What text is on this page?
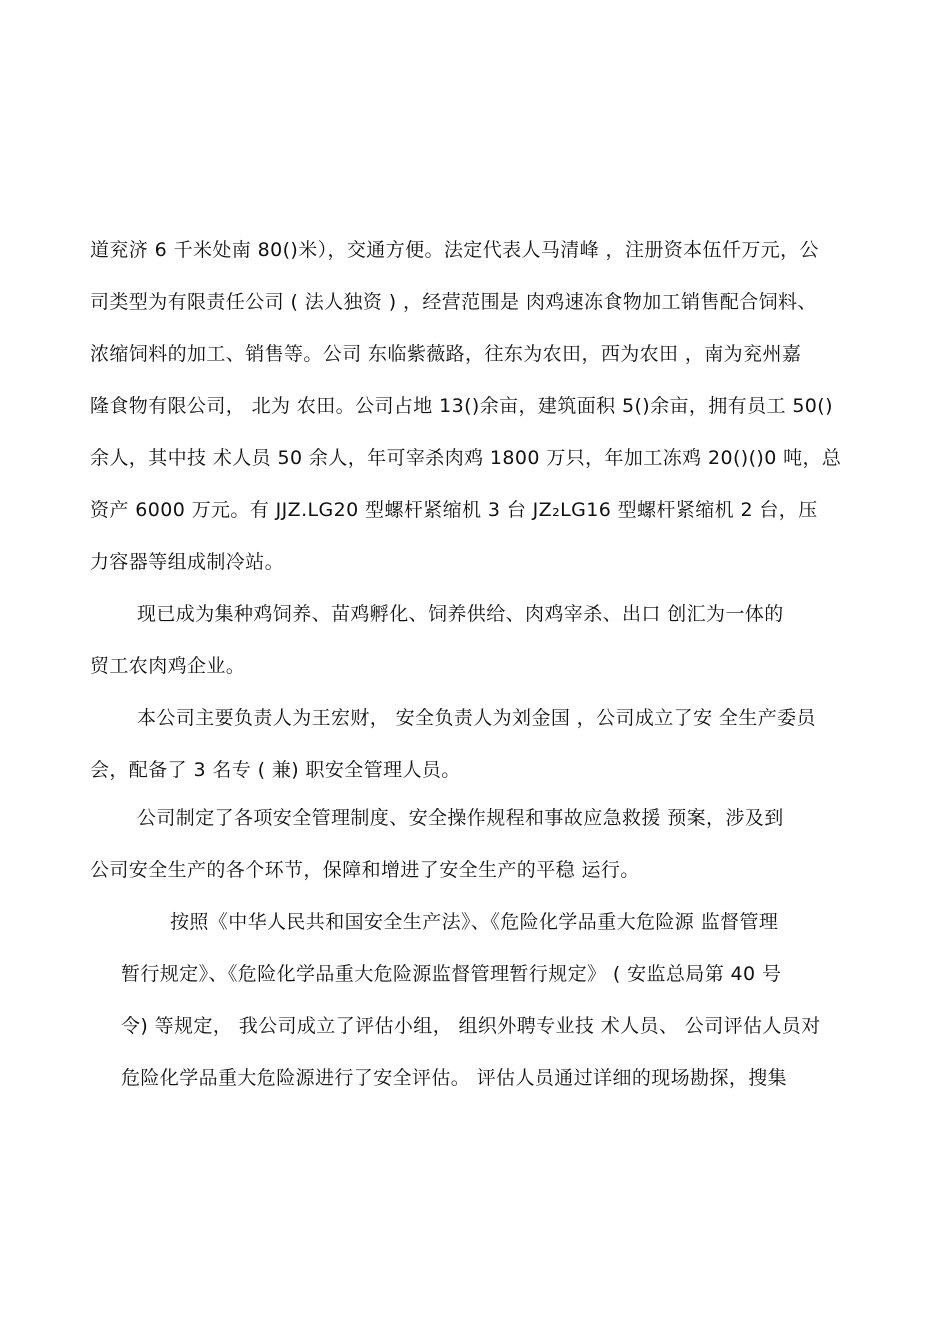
道兖济 6 千米处南 80()米），交通方便。法定代表人马清峰 ，注册资本伍仟万元，公
司类型为有限责任公司 ( 法人独资 ) ，经营范围是 肉鸡速冻食物加工销售配合饲料、
浓缩饲料的加工、销售等。公司 东临紫薇路，往东为农田，西为农田 ，南为兖州嘉
隆食物有限公司， 北为 农田。公司占地 13()余亩，建筑面积 5()余亩，拥有员工 50()
余人，其中技 术人员 50 余人，年可宰杀肉鸡 1800 万只，年加工冻鸡 20()()0 吨，总
资产 6000 万元。有 JJZ.LG20 型螺杆紧缩机 3 台 JZ₂LG16 型螺杆紧缩机 2 台，压
力容器等组成制冷站。
现已成为集种鸡饲养、苗鸡孵化、饲养供给、肉鸡宰杀、出口 创汇为一体的
贸工农肉鸡企业。
本公司主要负责人为王宏财， 安全负责人为刘金国 ，公司成立了安 全生产委员
会，配备了 3 名专 ( 兼) 职安全管理人员。
公司制定了各项安全管理制度、安全操作规程和事故应急救援 预案，涉及到
公司安全生产的各个环节，保障和增进了安全生产的平稳 运行。
按照《中华人民共和国安全生产法》、《危险化学品重大危险源 监督管理
暂行规定》、《危险化学品重大危险源监督管理暂行规定》 ( 安监总局第 40 号
令) 等规定， 我公司成立了评估小组， 组织外聘专业技 术人员、 公司评估人员对
危险化学品重大危险源进行了安全评估。 评估人员通过详细的现场勘探，搜集
